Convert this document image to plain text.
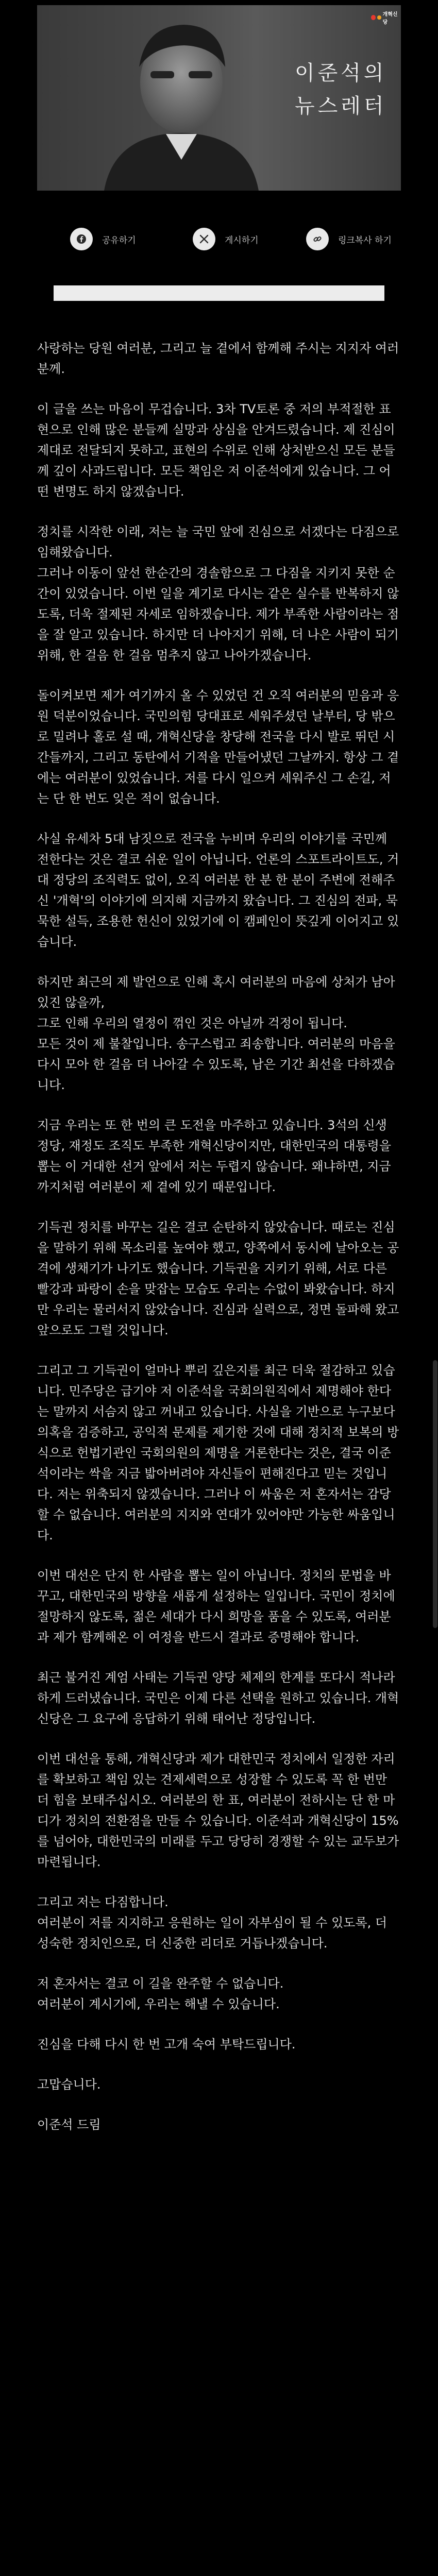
개혁신당
이준석의
뉴스레터
공유하기	게시하기	링크복사 하기

사랑하는 당원 여러분, 그리고 늘 곁에서 함께해 주시는 지지자 여러분께.

이 글을 쓰는 마음이 무겁습니다. 3차 TV토론 중 저의 부적절한 표현으로 인해 많은 분들께 실망과 상심을 안겨드렸습니다. 제 진심이 제대로 전달되지 못하고, 표현의 수위로 인해 상처받으신 모든 분들께 깊이 사과드립니다. 모든 책임은 저 이준석에게 있습니다. 그 어떤 변명도 하지 않겠습니다.

정치를 시작한 이래, 저는 늘 국민 앞에 진심으로 서겠다는 다짐으로 임해왔습니다.
그러나 이동이 앞선 한순간의 경솔함으로 그 다짐을 지키지 못한 순간이 있었습니다. 이번 일을 계기로 다시는 같은 실수를 반복하지 않도록, 더욱 절제된 자세로 임하겠습니다. 제가 부족한 사람이라는 점을 잘 알고 있습니다. 하지만 더 나아지기 위해, 더 나은 사람이 되기 위해, 한 걸음 한 걸음 멈추지 않고 나아가겠습니다.

돌이켜보면 제가 여기까지 올 수 있었던 건 오직 여러분의 믿음과 응원 덕분이었습니다. 국민의힘 당대표로 세워주셨던 날부터, 당 밖으로 밀려나 홀로 설 때, 개혁신당을 창당해 전국을 다시 발로 뛰던 시간들까지, 그리고 동탄에서 기적을 만들어냈던 그날까지. 항상 그 곁에는 여러분이 있었습니다. 저를 다시 일으켜 세워주신 그 손길, 저는 단 한 번도 잊은 적이 없습니다.

사실 유세차 5대 남짓으로 전국을 누비며 우리의 이야기를 국민께 전한다는 것은 결코 쉬운 일이 아닙니다. 언론의 스포트라이트도, 거대 정당의 조직력도 없이, 오직 여러분 한 분 한 분이 주변에 전해주신 '개혁'의 이야기에 의지해 지금까지 왔습니다. 그 진심의 전파, 묵묵한 설득, 조용한 헌신이 있었기에 이 캠페인이 뜻깊게 이어지고 있습니다.

하지만 최근의 제 발언으로 인해 혹시 여러분의 마음에 상처가 남아 있진 않을까,
그로 인해 우리의 열정이 꺾인 것은 아닐까 걱정이 됩니다.
모든 것이 제 불찰입니다. 송구스럽고 죄송합니다. 여러분의 마음을 다시 모아 한 걸음 더 나아갈 수 있도록, 남은 기간 최선을 다하겠습니다.

지금 우리는 또 한 번의 큰 도전을 마주하고 있습니다. 3석의 신생 정당, 재정도 조직도 부족한 개혁신당이지만, 대한민국의 대통령을 뽑는 이 거대한 선거 앞에서 저는 두렵지 않습니다. 왜냐하면, 지금까지처럼 여러분이 제 곁에 있기 때문입니다.

기득권 정치를 바꾸는 길은 결코 순탄하지 않았습니다. 때로는 진심을 말하기 위해 목소리를 높여야 했고, 양쪽에서 동시에 날아오는 공격에 생채기가 나기도 했습니다. 기득권을 지키기 위해, 서로 다른 빨강과 파랑이 손을 맞잡는 모습도 우리는 수없이 봐왔습니다. 하지만 우리는 물러서지 않았습니다. 진심과 실력으로, 정면 돌파해 왔고 앞으로도 그럴 것입니다.

그리고 그 기득권이 얼마나 뿌리 깊은지를 최근 더욱 절감하고 있습니다. 민주당은 급기야 저 이준석을 국회의원직에서 제명해야 한다는 말까지 서슴지 않고 꺼내고 있습니다. 사실을 기반으로 누구보다 의혹을 검증하고, 공익적 문제를 제기한 것에 대해 정치적 보복의 방식으로 헌법기관인 국회의원의 제명을 거론한다는 것은, 결국 이준석이라는 싹을 지금 밟아버려야 자신들이 편해진다고 믿는 것입니다. 저는 위축되지 않겠습니다. 그러나 이 싸움은 저 혼자서는 감당할 수 없습니다. 여러분의 지지와 연대가 있어야만 가능한 싸움입니다.

이번 대선은 단지 한 사람을 뽑는 일이 아닙니다. 정치의 문법을 바꾸고, 대한민국의 방향을 새롭게 설정하는 일입니다. 국민이 정치에 절망하지 않도록, 젊은 세대가 다시 희망을 품을 수 있도록, 여러분과 제가 함께해온 이 여정을 반드시 결과로 증명해야 합니다.

최근 불거진 계엄 사태는 기득권 양당 체제의 한계를 또다시 적나라하게 드러냈습니다. 국민은 이제 다른 선택을 원하고 있습니다. 개혁신당은 그 요구에 응답하기 위해 태어난 정당입니다.

이번 대선을 통해, 개혁신당과 제가 대한민국 정치에서 일정한 자리를 확보하고 책임 있는 견제세력으로 성장할 수 있도록 꼭 한 번만 더 힘을 보태주십시오. 여러분의 한 표, 여러분이 전하시는 단 한 마디가 정치의 전환점을 만들 수 있습니다. 이준석과 개혁신당이 15%를 넘어야, 대한민국의 미래를 두고 당당히 경쟁할 수 있는 교두보가 마련됩니다.

그리고 저는 다짐합니다.
여러분이 저를 지지하고 응원하는 일이 자부심이 될 수 있도록, 더 성숙한 정치인으로, 더 신중한 리더로 거듭나겠습니다.

저 혼자서는 결코 이 길을 완주할 수 없습니다.
여러분이 계시기에, 우리는 해낼 수 있습니다.

진심을 다해 다시 한 번 고개 숙여 부탁드립니다.

고맙습니다.

이준석 드림
